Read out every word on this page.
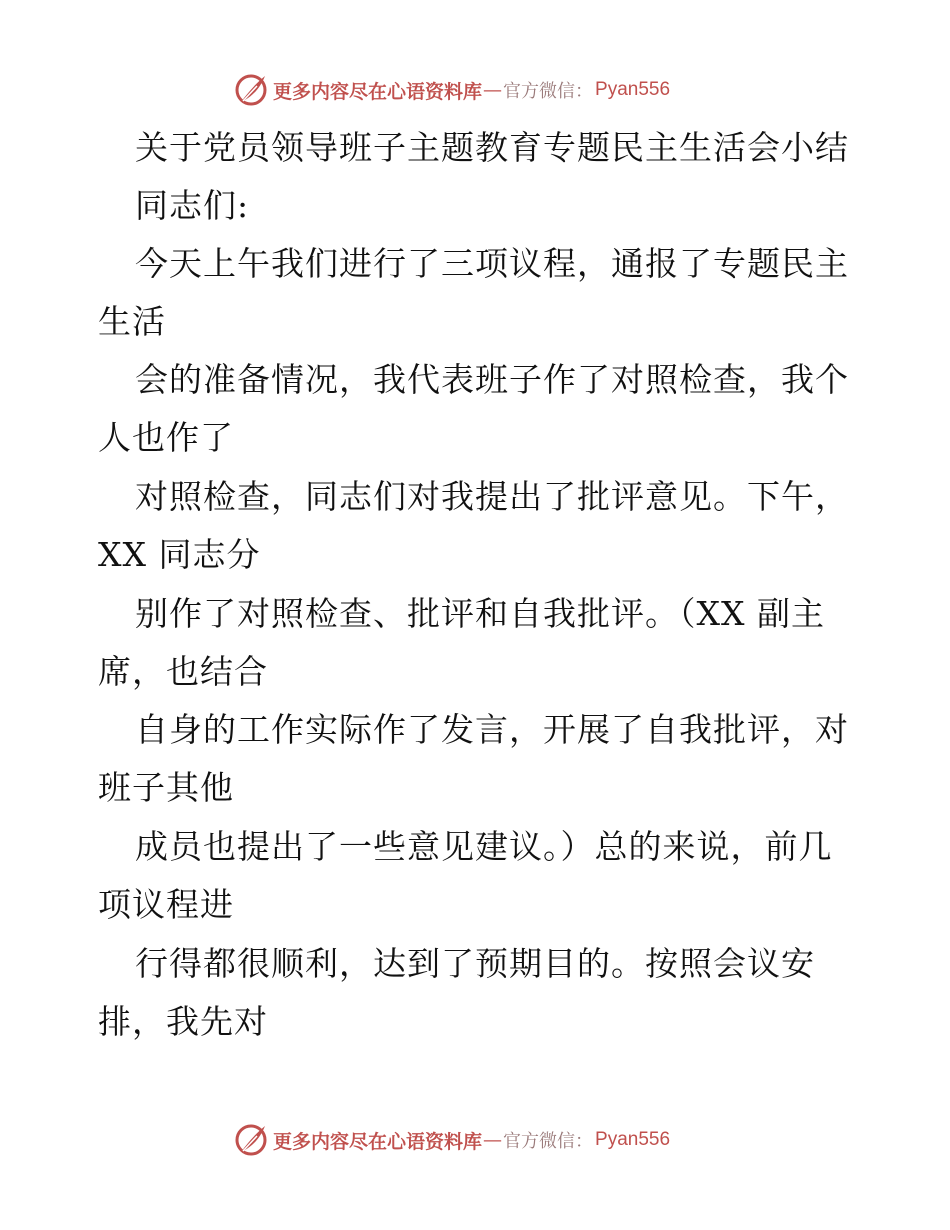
更多内容尽在心语资料库 — 官方微信： Pyan556
关于党员领导班子主题教育专题民主生活会小结
同志们:
今天上午我们进行了三项议程，通报了专题民主
生活
会的准备情况，我代表班子作了对照检查，我个
人也作了
对照检查，同志们对我提出了批评意见。下午，
XX 同志分
别作了对照检查、批评和自我批评。（XX 副主
席，也结合
自身的工作实际作了发言，开展了自我批评，对
班子其他
成员也提出了一些意见建议。）总的来说，前几
项议程进
行得都很顺利，达到了预期目的。按照会议安
排，我先对
更多内容尽在心语资料库 — 官方微信： Pyan556
